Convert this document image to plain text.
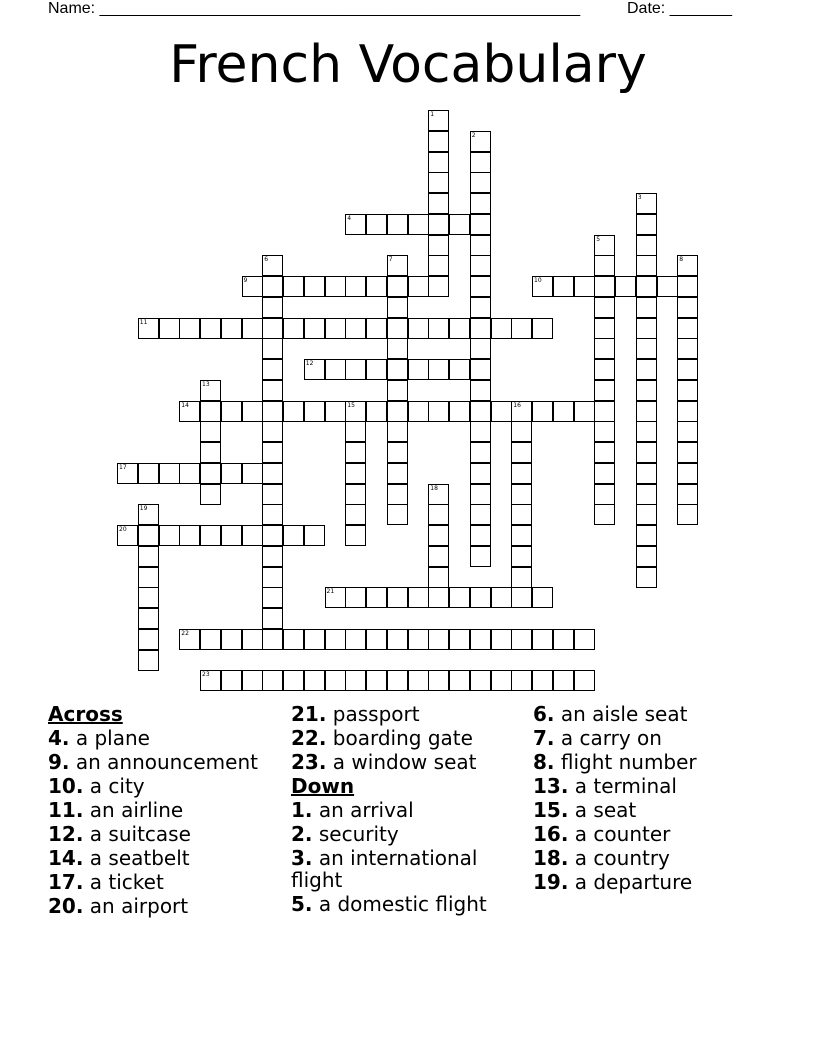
Name: ______________________________________________________	Date: _______
French Vocabulary
1
2
3
4
5
6	7	8
9	10
11
12
13
14	15	16
17
18
19
20
21
22
23
Across
4. a plane
9. an announcement
10. a city
11. an airline
12. a suitcase
14. a seatbelt
17. a ticket
20. an airport
21. passport
22. boarding gate
23. a window seat
Down
1. an arrival
2. security
3. an international flight
5. a domestic flight
6. an aisle seat
7. a carry on
8. flight number
13. a terminal
15. a seat
16. a counter
18. a country
19. a departure
